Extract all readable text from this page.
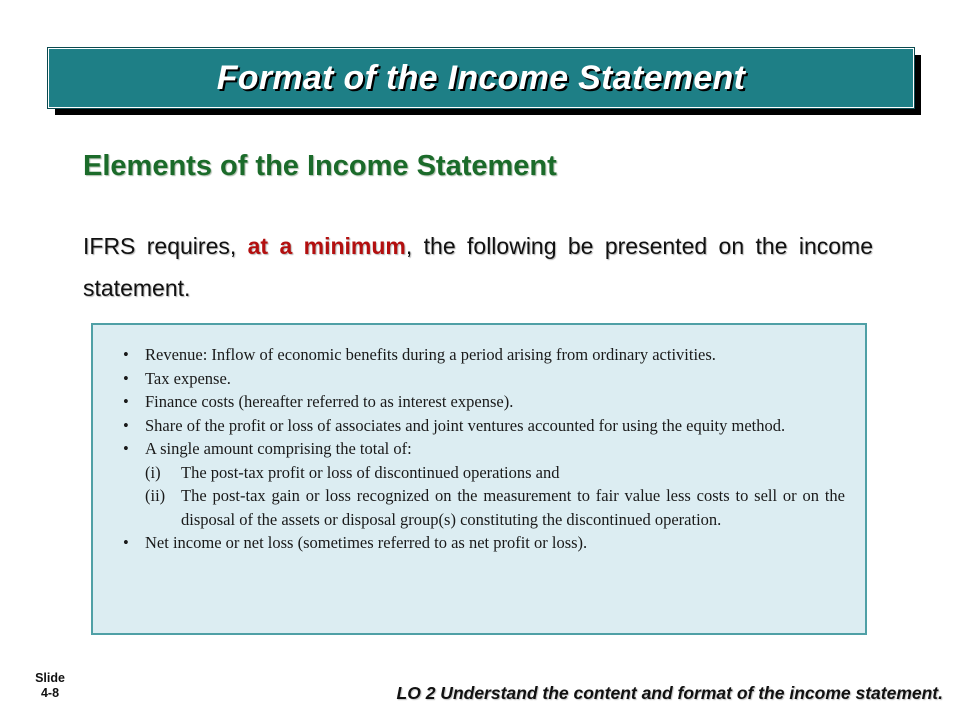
Format of the Income Statement
Elements of the Income Statement
IFRS requires, at a minimum, the following be presented on the income statement.
• Revenue: Inflow of economic benefits during a period arising from ordinary activities.
• Tax expense.
• Finance costs (hereafter referred to as interest expense).
• Share of the profit or loss of associates and joint ventures accounted for using the equity method.
• A single amount comprising the total of:
(i) The post-tax profit or loss of discontinued operations and
(ii) The post-tax gain or loss recognized on the measurement to fair value less costs to sell or on the disposal of the assets or disposal group(s) constituting the discontinued operation.
• Net income or net loss (sometimes referred to as net profit or loss).
Slide
4-8	LO 2 Understand the content and format of the income statement.
